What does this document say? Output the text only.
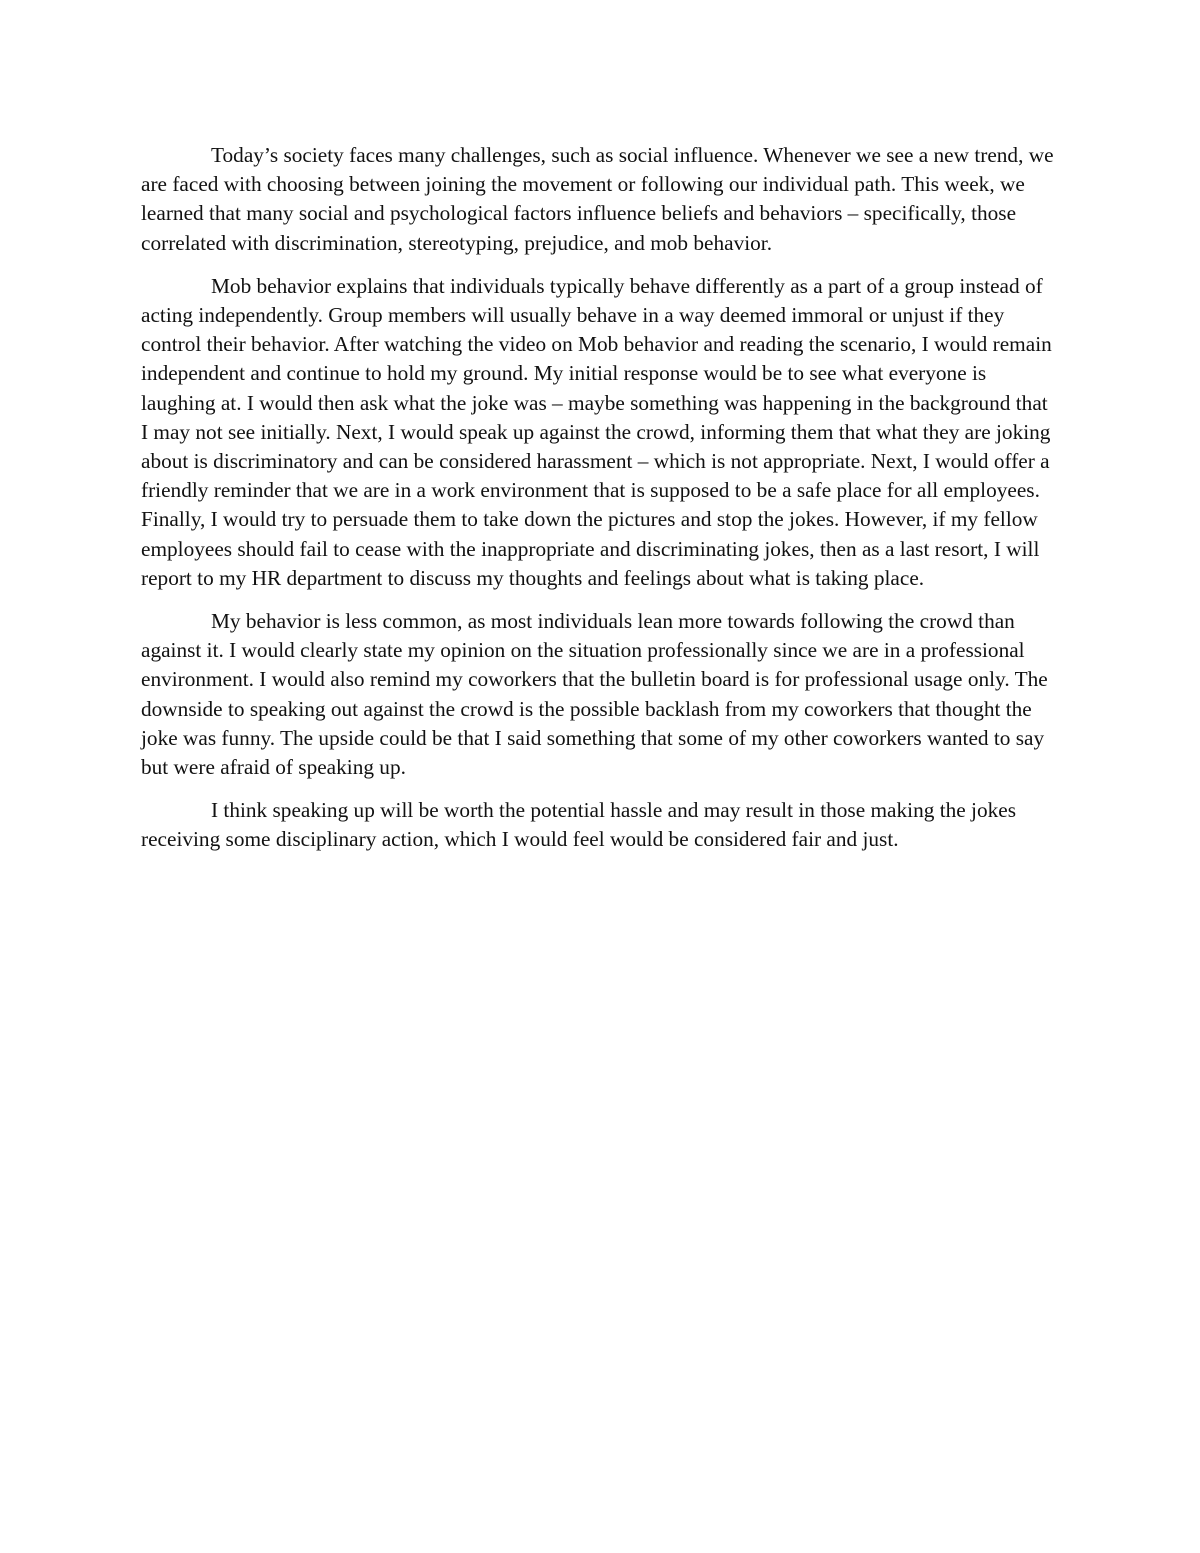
Today’s society faces many challenges, such as social influence. Whenever we see a new trend, we are faced with choosing between joining the movement or following our individual path. This week, we learned that many social and psychological factors influence beliefs and behaviors – specifically, those correlated with discrimination, stereotyping, prejudice, and mob behavior.

Mob behavior explains that individuals typically behave differently as a part of a group instead of acting independently. Group members will usually behave in a way deemed immoral or unjust if they control their behavior. After watching the video on Mob behavior and reading the scenario, I would remain independent and continue to hold my ground. My initial response would be to see what everyone is laughing at. I would then ask what the joke was – maybe something was happening in the background that I may not see initially. Next, I would speak up against the crowd, informing them that what they are joking about is discriminatory and can be considered harassment – which is not appropriate. Next, I would offer a friendly reminder that we are in a work environment that is supposed to be a safe place for all employees. Finally, I would try to persuade them to take down the pictures and stop the jokes. However, if my fellow employees should fail to cease with the inappropriate and discriminating jokes, then as a last resort, I will report to my HR department to discuss my thoughts and feelings about what is taking place.

My behavior is less common, as most individuals lean more towards following the crowd than against it. I would clearly state my opinion on the situation professionally since we are in a professional environment. I would also remind my coworkers that the bulletin board is for professional usage only. The downside to speaking out against the crowd is the possible backlash from my coworkers that thought the joke was funny. The upside could be that I said something that some of my other coworkers wanted to say but were afraid of speaking up.

I think speaking up will be worth the potential hassle and may result in those making the jokes receiving some disciplinary action, which I would feel would be considered fair and just.
